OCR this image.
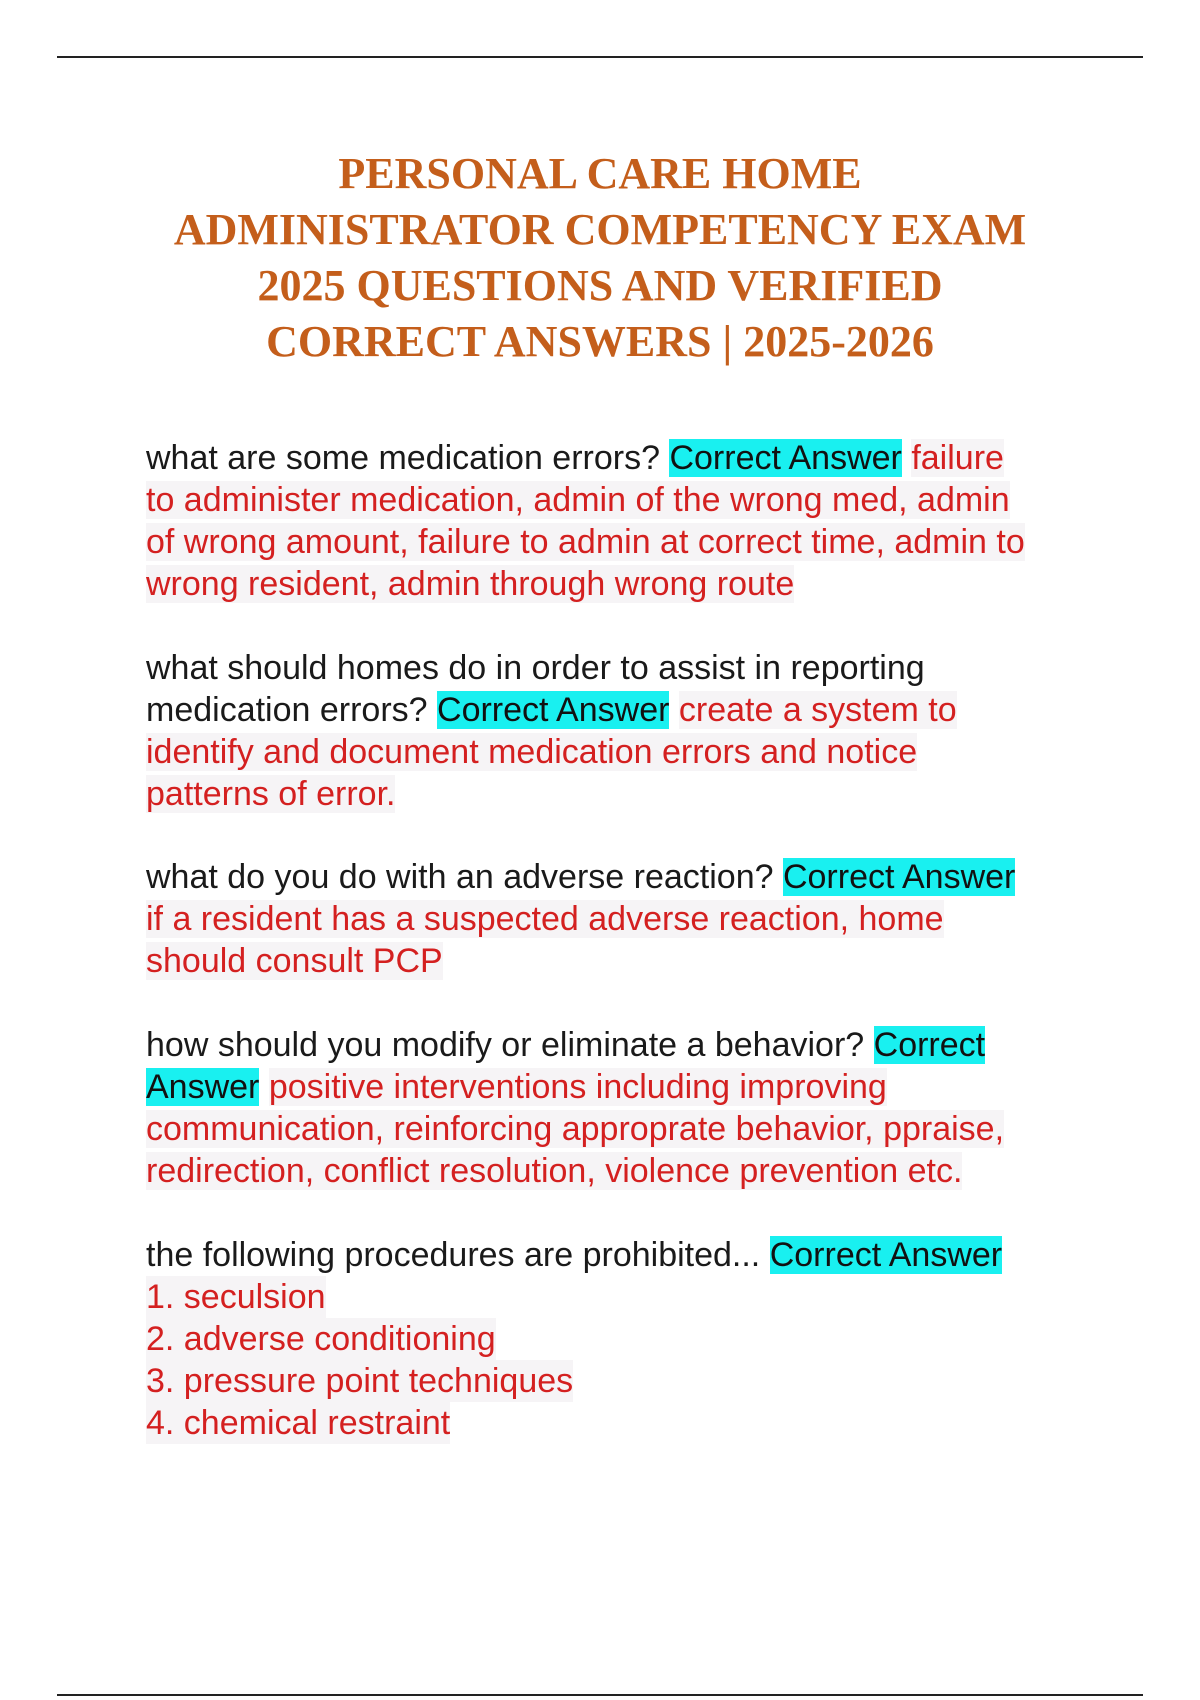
PERSONAL CARE HOME
ADMINISTRATOR COMPETENCY EXAM
2025 QUESTIONS AND VERIFIED
CORRECT ANSWERS | 2025-2026
what are some medication errors? Correct Answer failure
to administer medication, admin of the wrong med, admin
of wrong amount, failure to admin at correct time, admin to
wrong resident, admin through wrong route
what should homes do in order to assist in reporting
medication errors? Correct Answer create a system to
identify and document medication errors and notice
patterns of error.
what do you do with an adverse reaction? Correct Answer
if a resident has a suspected adverse reaction, home
should consult PCP
how should you modify or eliminate a behavior? Correct
Answer positive interventions including improving
communication, reinforcing approprate behavior, ppraise,
redirection, conflict resolution, violence prevention etc.
the following procedures are prohibited... Correct Answer
1. seculsion
2. adverse conditioning
3. pressure point techniques
4. chemical restraint
